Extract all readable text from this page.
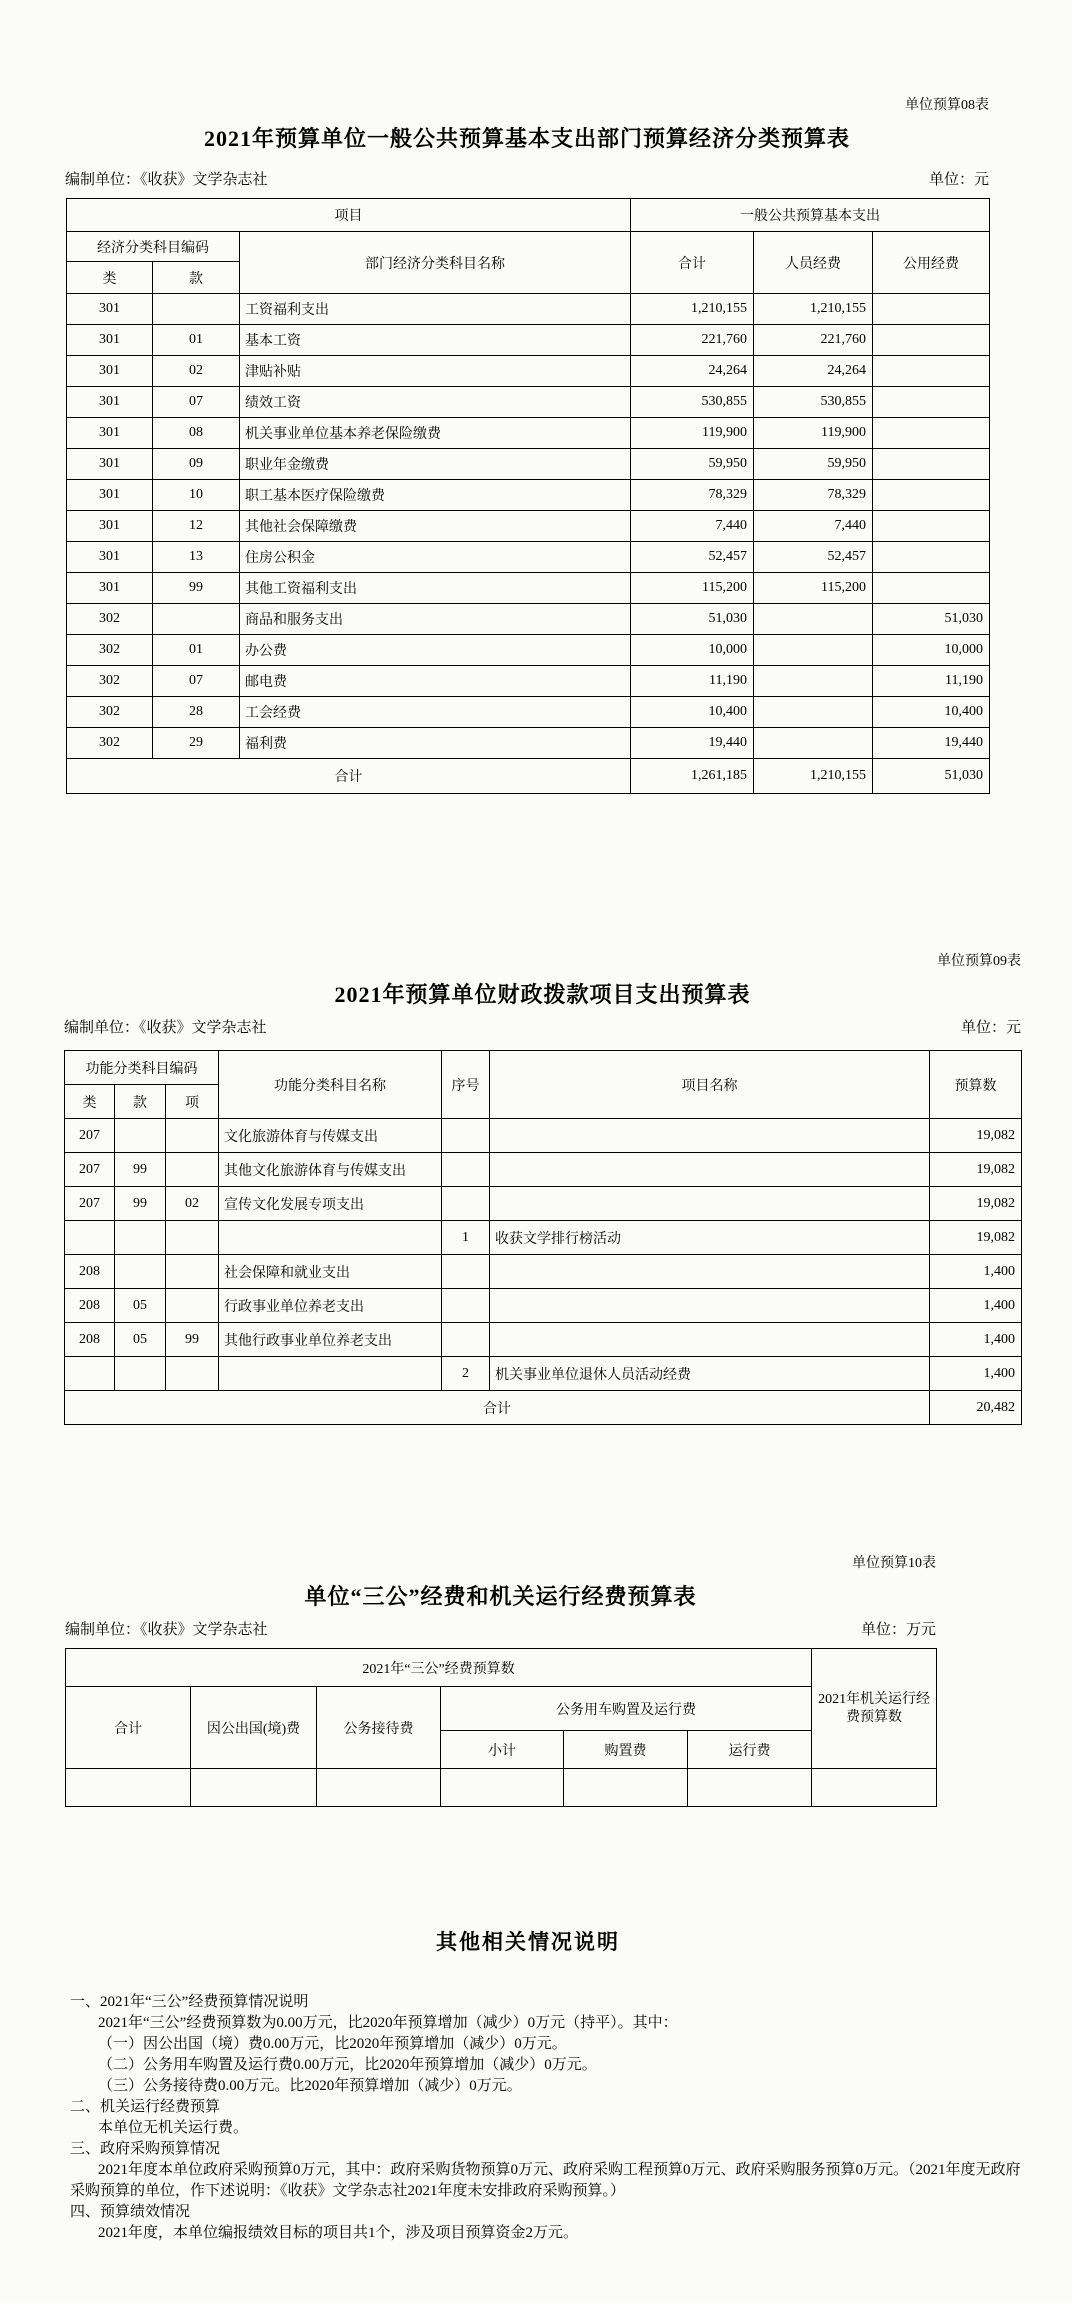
单位预算08表
2021年预算单位一般公共预算基本支出部门预算经济分类预算表
编制单位：《收获》文学杂志社	单位：元
项目			一般公共预算基本支出		
经济分类科目编码		部门经济分类科目名称	合计	人员经费	公用经费
类	款				
301		工资福利支出	1,210,155	1,210,155	
301	01	基本工资	221,760	221,760	
301	02	津贴补贴	24,264	24,264	
301	07	绩效工资	530,855	530,855	
301	08	机关事业单位基本养老保险缴费	119,900	119,900	
301	09	职业年金缴费	59,950	59,950	
301	10	职工基本医疗保险缴费	78,329	78,329	
301	12	其他社会保障缴费	7,440	7,440	
301	13	住房公积金	52,457	52,457	
301	99	其他工资福利支出	115,200	115,200	
302		商品和服务支出	51,030		51,030
302	01	办公费	10,000		10,000
302	07	邮电费	11,190		11,190
302	28	工会经费	10,400		10,400
302	29	福利费	19,440		19,440
合计			1,261,185	1,210,155	51,030
单位预算09表
2021年预算单位财政拨款项目支出预算表
编制单位：《收获》文学杂志社	单位：元
功能分类科目编码			功能分类科目名称	序号	项目名称	预算数
类	款	项				
207			文化旅游体育与传媒支出			19,082
207	99		其他文化旅游体育与传媒支出			19,082
207	99	02	宣传文化发展专项支出			19,082
				1	收获文学排行榜活动	19,082
208			社会保障和就业支出			1,400
208	05		行政事业单位养老支出			1,400
208	05	99	其他行政事业单位养老支出			1,400
				2	机关事业单位退休人员活动经费	1,400
合计						20,482
单位预算10表
单位“三公”经费和机关运行经费预算表
编制单位：《收获》文学杂志社	单位：万元
2021年“三公”经费预算数						2021年机关运行经费预算数
合计	因公出国(境)费	公务接待费	公务用车购置及运行费			
			小计	购置费	运行费	

其他相关情况说明

一、2021年“三公”经费预算情况说明

2021年“三公”经费预算数为0.00万元，比2020年预算增加（减少）0万元（持平）。其中：

（一）因公出国（境）费0.00万元，比2020年预算增加（减少）0万元。

（二）公务用车购置及运行费0.00万元，比2020年预算增加（减少）0万元。

（三）公务接待费0.00万元。比2020年预算增加（减少）0万元。

二、机关运行经费预算

本单位无机关运行费。

三、政府采购预算情况

2021年度本单位政府采购预算0万元，其中：政府采购货物预算0万元、政府采购工程预算0万元、政府采购服务预算0万元。（2021年度无政府采购预算的单位，作下述说明：《收获》文学杂志社2021年度未安排政府采购预算。）

四、预算绩效情况

2021年度，本单位编报绩效目标的项目共1个，涉及项目预算资金2万元。
